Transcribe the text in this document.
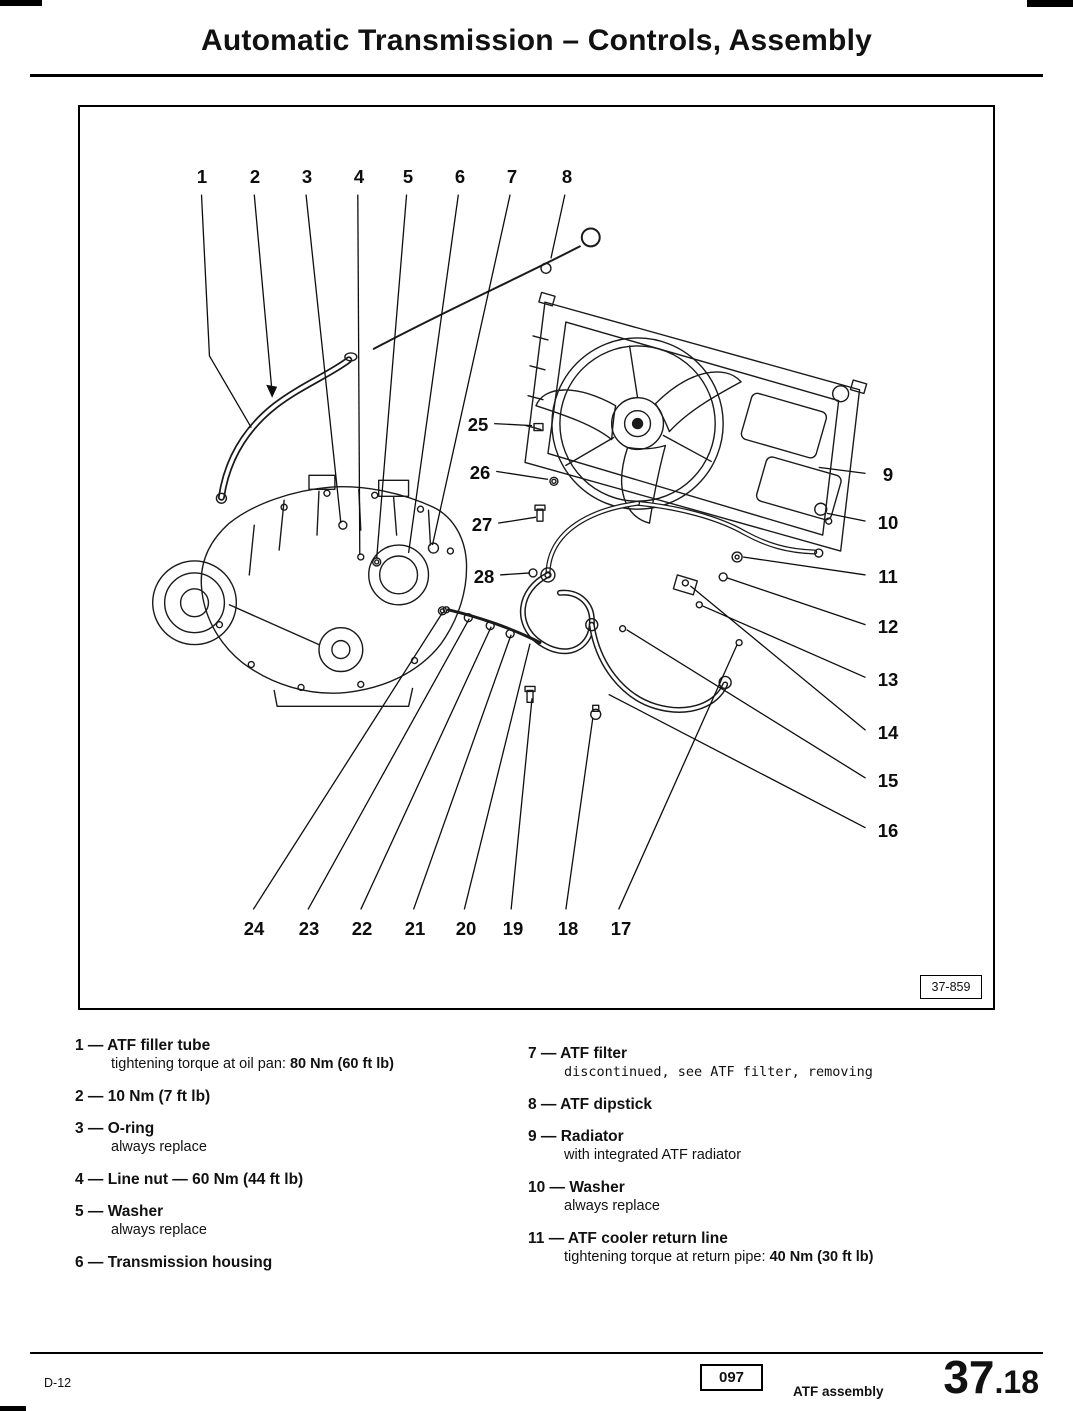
Automatic Transmission – Controls, Assembly
1 2 3 4 5 6 7 8
25
26
27
28
9
10
11
12
13
14
15
16
24 23 22 21 20 19 18 17
37-859
1 — ATF filler tube
tightening torque at oil pan: 80 Nm (60 ft lb)
2 — 10 Nm (7 ft lb)
3 — O-ring
always replace
4 — Line nut — 60 Nm (44 ft lb)
5 — Washer
always replace
6 — Transmission housing
7 — ATF filter
discontinued, see ATF filter, removing
8 — ATF dipstick
9 — Radiator
with integrated ATF radiator
10 — Washer
always replace
11 — ATF cooler return line
tightening torque at return pipe: 40 Nm (30 ft lb)
D-12	097
ATF assembly 37.18
